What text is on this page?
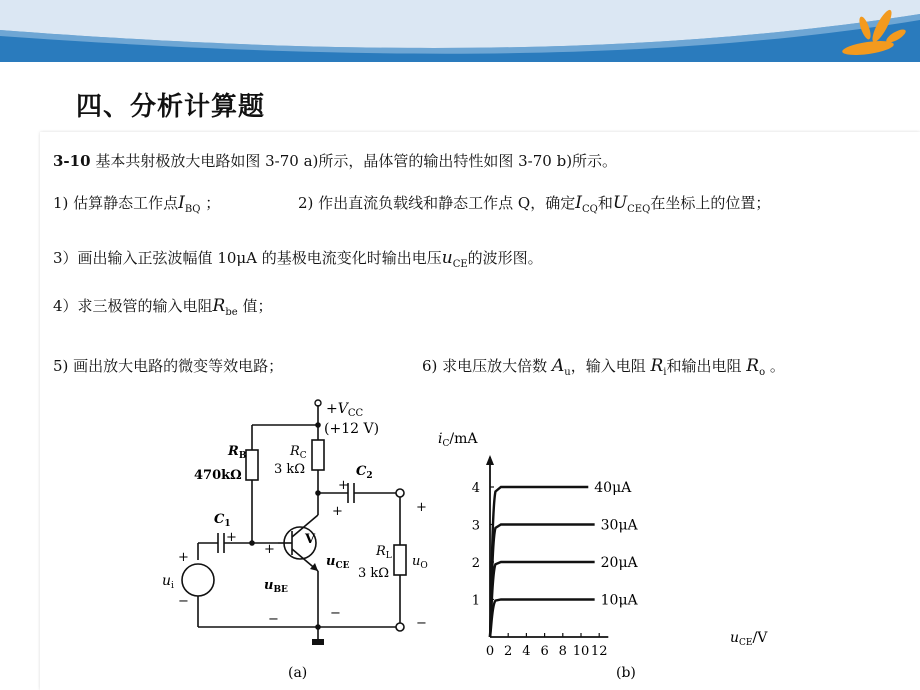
四、分析计算题
3-10 基本共射极放大电路如图 3-70 a)所示，晶体管的输出特性如图 3-70 b)所示。
1) 估算静态工作点$I_{BQ}$ ；	2) 作出直流负载线和静态工作点 Q，确定$I_{CQ}$和$U_{CEQ}$在坐标上的位置；
3）画出输入正弦波幅值 10μA 的基极电流变化时输出电压$u_{CE}$的波形图。
4）求三极管的输入电阻$R_{be}$ 值；
5) 画出放大电路的微变等效电路；	6) 求电压放大倍数 $A_u$，输入电阻 $R_i$和输出电阻 $R_o$ 。
$+V_{CC}$
(+12 V)
$R_B$
470kΩ
$R_C$
3 kΩ
$C_1$
$C_2$
V
$R_L$
3 kΩ
$u_i$	$u_{BE}$
$u_{CE}$	$u_O$
+
+
+
−
−
+
−
+
+
−
(a)
10μA
20μA
30μA
40μA
0 2 4 6 8 10 12
1
2
3
4
$i_C/mA$
$u_{CE}/V$
(b)
